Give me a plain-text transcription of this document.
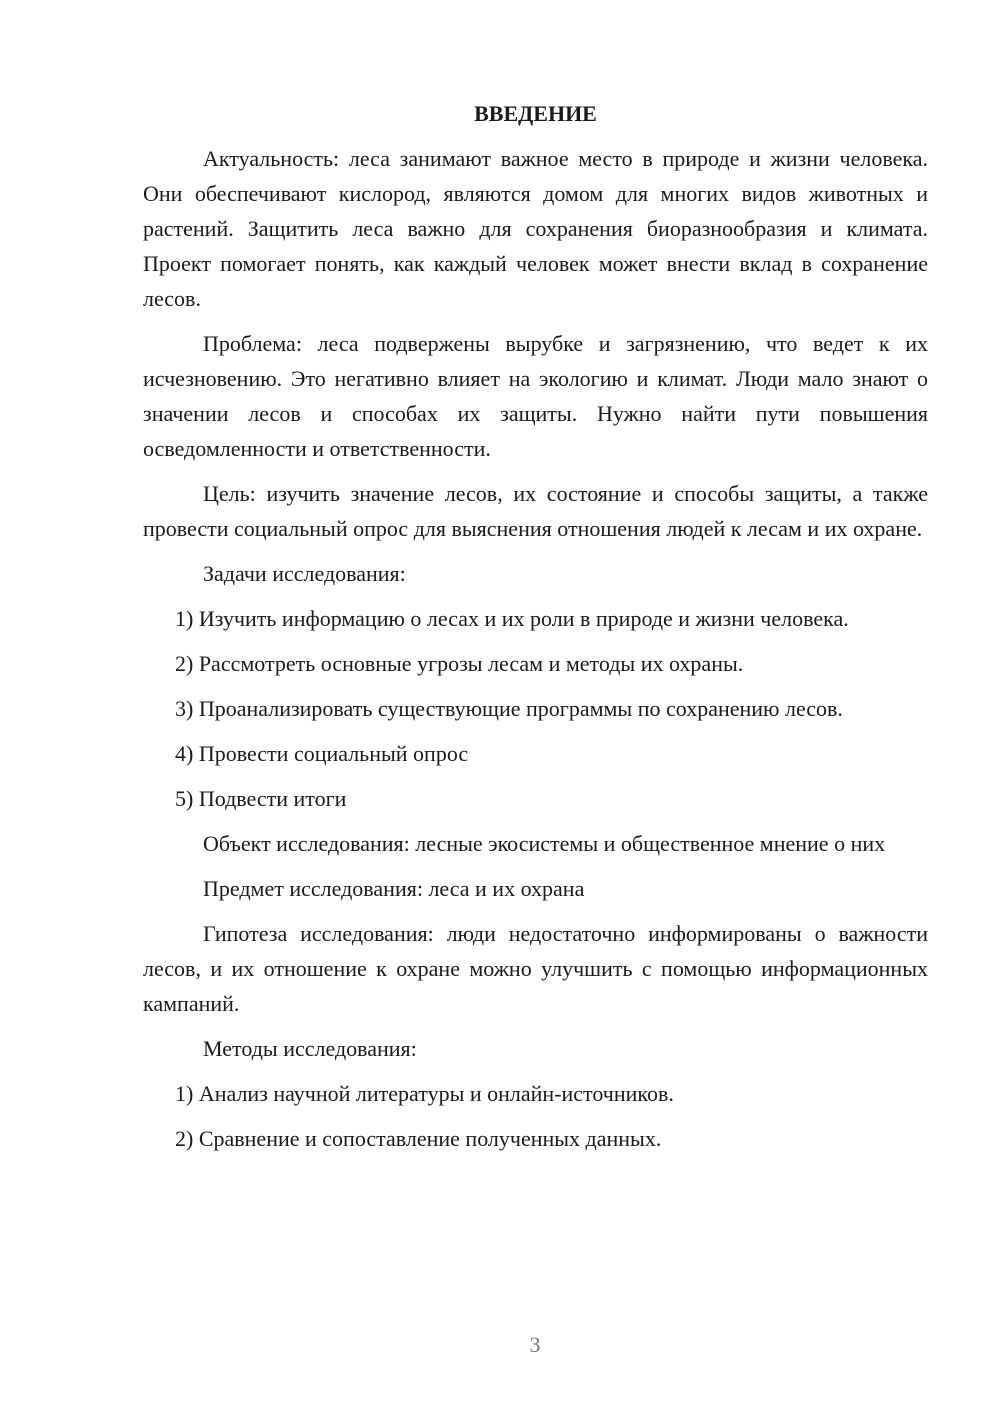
ВВЕДЕНИЕ

Актуальность: леса занимают важное место в природе и жизни человека. Они обеспечивают кислород, являются домом для многих видов животных и растений. Защитить леса важно для сохранения биоразнообразия и климата. Проект помогает понять, как каждый человек может внести вклад в сохранение лесов.

Проблема: леса подвержены вырубке и загрязнению, что ведет к их исчезновению. Это негативно влияет на экологию и климат. Люди мало знают о значении лесов и способах их защиты. Нужно найти пути повышения осведомленности и ответственности.

Цель: изучить значение лесов, их состояние и способы защиты, а также провести социальный опрос для выяснения отношения людей к лесам и их охране.

Задачи исследования:

1) Изучить информацию о лесах и их роли в природе и жизни человека.

2) Рассмотреть основные угрозы лесам и методы их охраны.

3) Проанализировать существующие программы по сохранению лесов.

4) Провести социальный опрос

5) Подвести итоги

Объект исследования: лесные экосистемы и общественное мнение о них

Предмет исследования: леса и их охрана

Гипотеза исследования: люди недостаточно информированы о важности лесов, и их отношение к охране можно улучшить с помощью информационных кампаний.

Методы исследования:

1) Анализ научной литературы и онлайн-источников.

2) Сравнение и сопоставление полученных данных.

3
